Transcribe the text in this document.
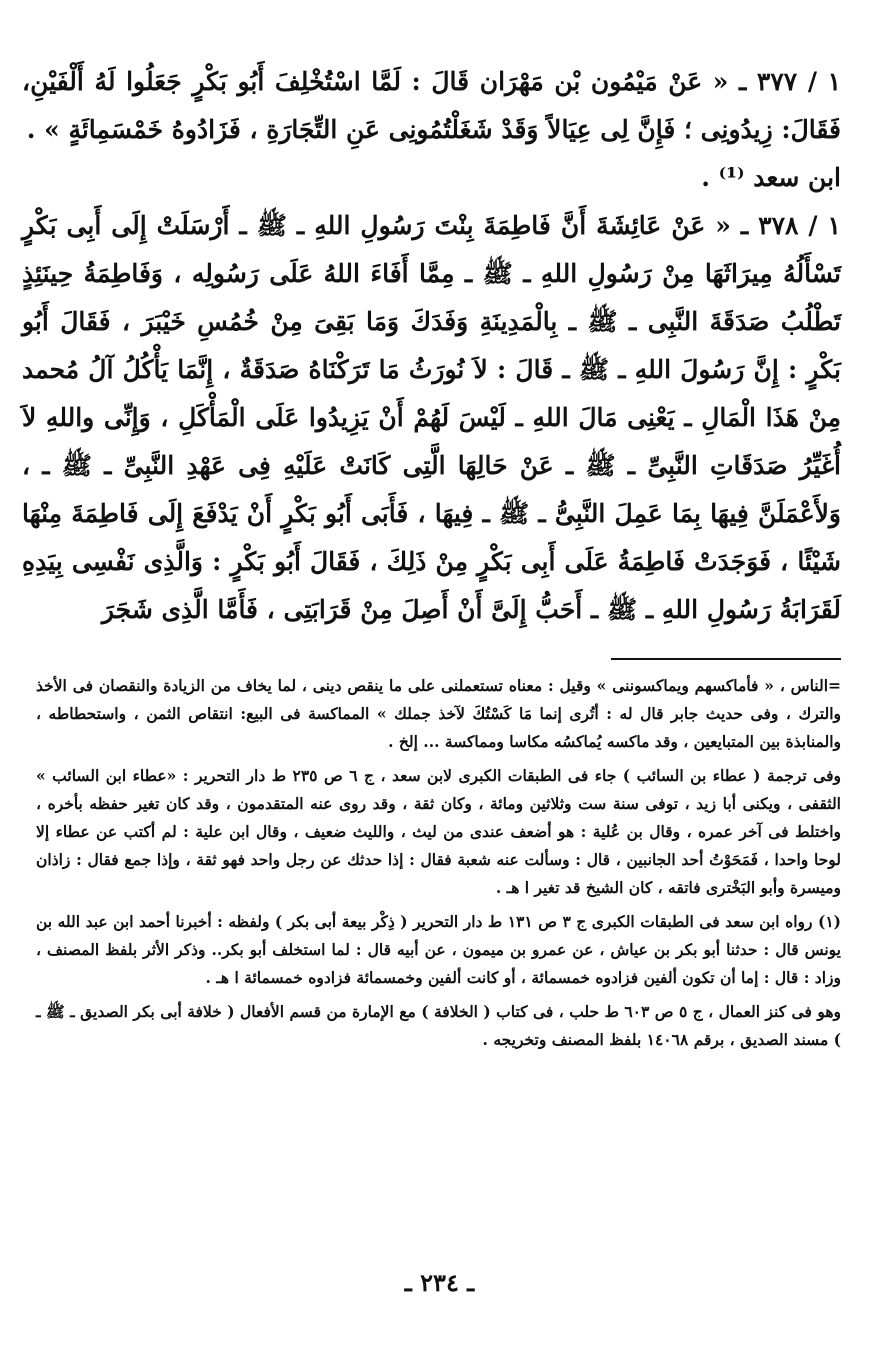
١ / ٣٧٧ ـ « عَنْ مَيْمُون بْن مَهْرَان قَالَ : لَمَّا اسْتُخْلِفَ أَبُو بَكْرٍ جَعَلُوا لَهُ أَلْفَيْنِ، فَقَالَ: زِيدُونِى ؛ فَإِنَّ لِى عِيَالاً وَقَدْ شَغَلْتُمُونِى عَنِ التِّجَارَةِ ، فَزَادُوهُ خَمْسَمِائَةٍ » .

ابن سعد ⁽¹⁾ .

١ / ٣٧٨ ـ « عَنْ عَائِشَةَ أَنَّ فَاطِمَةَ بِنْتَ رَسُولِ اللهِ ـ ﷺ ـ أَرْسَلَتْ إِلَى أَبِى بَكْرٍ تَسْأَلُهُ مِيرَاثَهَا مِنْ رَسُولِ اللهِ ـ ﷺ ـ مِمَّا أَفَاءَ اللهُ عَلَى رَسُولِه ، وَفَاطِمَةُ حِينَئِذٍ تَطْلُبُ صَدَقَةَ النَّبِى ـ ﷺ ـ بِالْمَدِينَةِ وَفَدَكَ وَمَا بَقِىَ مِنْ خُمُسِ خَيْبَرَ ، فَقَالَ أَبُو بَكْرٍ : إِنَّ رَسُولَ اللهِ ـ ﷺ ـ قَالَ : لاَ نُورَثُ مَا تَرَكْنَاهُ صَدَقَةٌ ، إِنَّمَا يَأْكُلُ آلُ مُحمد مِنْ هَذَا الْمَالِ ـ يَعْنِى مَالَ اللهِ ـ لَيْسَ لَهُمْ أَنْ يَزِيدُوا عَلَى الْمَأْكَلِ ، وَإِنِّى واللهِ لاَ أُغَيِّرُ صَدَقَاتِ النَّبِىِّ ـ ﷺ ـ عَنْ حَالِهَا الَّتِى كَانَتْ عَلَيْهِ فِى عَهْدِ النَّبِىِّ ـ ﷺ ـ ، وَلأَعْمَلَنَّ فِيهَا بِمَا عَمِلَ النَّبِىُّ ـ ﷺ ـ فِيهَا ، فَأَبَى أَبُو بَكْرٍ أَنْ يَدْفَعَ إِلَى فَاطِمَةَ مِنْهَا شَيْئًا ، فَوَجَدَتْ فَاطِمَةُ عَلَى أَبِى بَكْرٍ مِنْ ذَلِكَ ، فَقَالَ أَبُو بَكْرٍ : وَالَّذِى نَفْسِى بِيَدِهِ لَقَرَابَةُ رَسُولِ اللهِ ـ ﷺ ـ أَحَبُّ إِلَىَّ أَنْ أَصِلَ مِنْ قَرَابَتِى ، فَأَمَّا الَّذِى شَجَرَ

=الناس ، « فأماكسهم ويماكسوننى » وقيل : معناه تستعملنى على ما ينقص دينى ، لما يخاف من الزيادة والنقصان فى الأخذ والترك ، وفى حديث جابر قال له : أتُرى إنما مَا كَسْتُكَ لآخذ جملك » المماكسة فى البيع: انتقاص الثمن ، واستحطاطه ، والمنابذة بين المتبايعين ، وقد ماكسه يُماكسُه مكاسا ومماكسة ... إلخ .

وفى ترجمة ( عطاء بن السائب ) جاء فى الطبقات الكبرى لابن سعد ، ج ٦ ص ٢٣٥ ط دار التحرير : «عطاء ابن السائب » الثقفى ، ويكنى أبا زيد ، توفى سنة ست وثلاثين ومائة ، وكان ثقة ، وقد روى عنه المتقدمون ، وقد كان تغير حفظه بأخره ، واختلط فى آخر عمره ، وقال بن عُلية : هو أضعف عندى من ليث ، والليث ضعيف ، وقال ابن علية : لم أكتب عن عطاء إلا لوحا واحدا ، فَمَحَوْتُ أحد الجانبين ، قال : وسألت عنه شعبة فقال : إذا حدثك عن رجل واحد فهو ثقة ، وإذا جمع فقال : زاذان وميسرة وأبو البَخْترى فاتقه ، كان الشيخ قد تغير ا هـ .

(١) رواه ابن سعد فى الطبقات الكبرى ج ٣ ص ١٣١ ط دار التحرير ( ذِكْر بيعة أبى بكر ) ولفظه : أخبرنا أحمد ابن عبد الله بن يونس قال : حدثنا أبو بكر بن عياش ، عن عمرو بن ميمون ، عن أبيه قال : لما استخلف أبو بكر.. وذكر الأثر بلفظ المصنف ، وزاد : قال : إما أن تكون ألفين فزادوه خمسمائة ، أو كانت ألفين وخمسمائة فزادوه خمسمائة ا هـ .

وهو فى كنز العمال ، ج ٥ ص ٦٠٣ ط حلب ، فى كتاب ( الخلافة ) مع الإمارة من قسم الأفعال ( خلافة أبى بكر الصديق ـ ﷺ ـ ) مسند الصديق ، برقم ١٤٠٦٨ بلفظ المصنف وتخريجه .

ـ ٢٣٤ ـ
